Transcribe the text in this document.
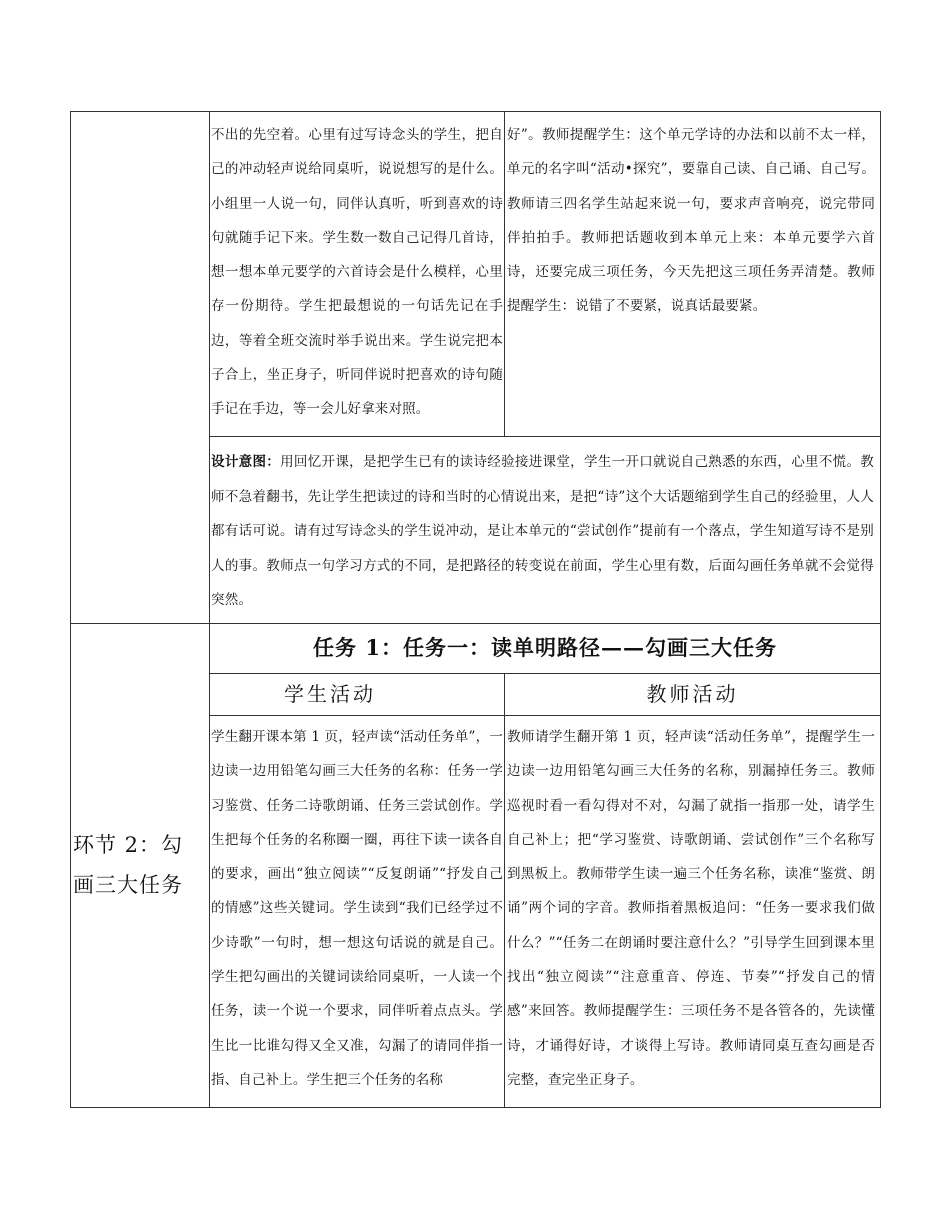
不出的先空着。心里有过写诗念头的学生，把自己的冲动轻声说给同桌听，说说想写的是什么。小组里一人说一句，同伴认真听，听到喜欢的诗句就随手记下来。学生数一数自己记得几首诗，想一想本单元要学的六首诗会是什么模样，心里存一份期待。学生把最想说的一句话先记在手边，等着全班交流时举手说出来。学生说完把本子合上，坐正身子，听同伴说时把喜欢的诗句随手记在手边，等一会儿好拿来对照。
好”。教师提醒学生：这个单元学诗的办法和以前不太一样，单元的名字叫“活动•探究”，要靠自己读、自己诵、自己写。教师请三四名学生站起来说一句，要求声音响亮，说完带同伴拍拍手。教师把话题收到本单元上来：本单元要学六首诗，还要完成三项任务，今天先把这三项任务弄清楚。教师提醒学生：说错了不要紧，说真话最要紧。
设计意图：用回忆开课，是把学生已有的读诗经验接进课堂，学生一开口就说自己熟悉的东西，心里不慌。教师不急着翻书，先让学生把读过的诗和当时的心情说出来，是把“诗”这个大话题缩到学生自己的经验里，人人都有话可说。请有过写诗念头的学生说冲动，是让本单元的“尝试创作”提前有一个落点，学生知道写诗不是别人的事。教师点一句学习方式的不同，是把路径的转变说在前面，学生心里有数，后面勾画任务单就不会觉得突然。
环节 2：勾画三大任务
任务 1：任务一：读单明路径——勾画三大任务
学生活动	教师活动
学生翻开课本第 1 页，轻声读“活动任务单”，一边读一边用铅笔勾画三大任务的名称：任务一学习鉴赏、任务二诗歌朗诵、任务三尝试创作。学生把每个任务的名称圈一圈，再往下读一读各自的要求，画出“独立阅读”“反复朗诵”“抒发自己的情感”这些关键词。学生读到“我们已经学过不少诗歌”一句时，想一想这句话说的就是自己。学生把勾画出的关键词读给同桌听，一人读一个任务，读一个说一个要求，同伴听着点点头。学生比一比谁勾得又全又准，勾漏了的请同伴指一指、自己补上。学生把三个任务的名称
教师请学生翻开第 1 页，轻声读“活动任务单”，提醒学生一边读一边用铅笔勾画三大任务的名称，别漏掉任务三。教师巡视时看一看勾得对不对，勾漏了就指一指那一处，请学生自己补上；把“学习鉴赏、诗歌朗诵、尝试创作”三个名称写到黑板上。教师带学生读一遍三个任务名称，读准“鉴赏、朗诵”两个词的字音。教师指着黑板追问：“任务一要求我们做什么？”“任务二在朗诵时要注意什么？”引导学生回到课本里找出“独立阅读”“注意重音、停连、节奏”“抒发自己的情感”来回答。教师提醒学生：三项任务不是各管各的，先读懂诗，才诵得好诗，才谈得上写诗。教师请同桌互查勾画是否完整，查完坐正身子。
